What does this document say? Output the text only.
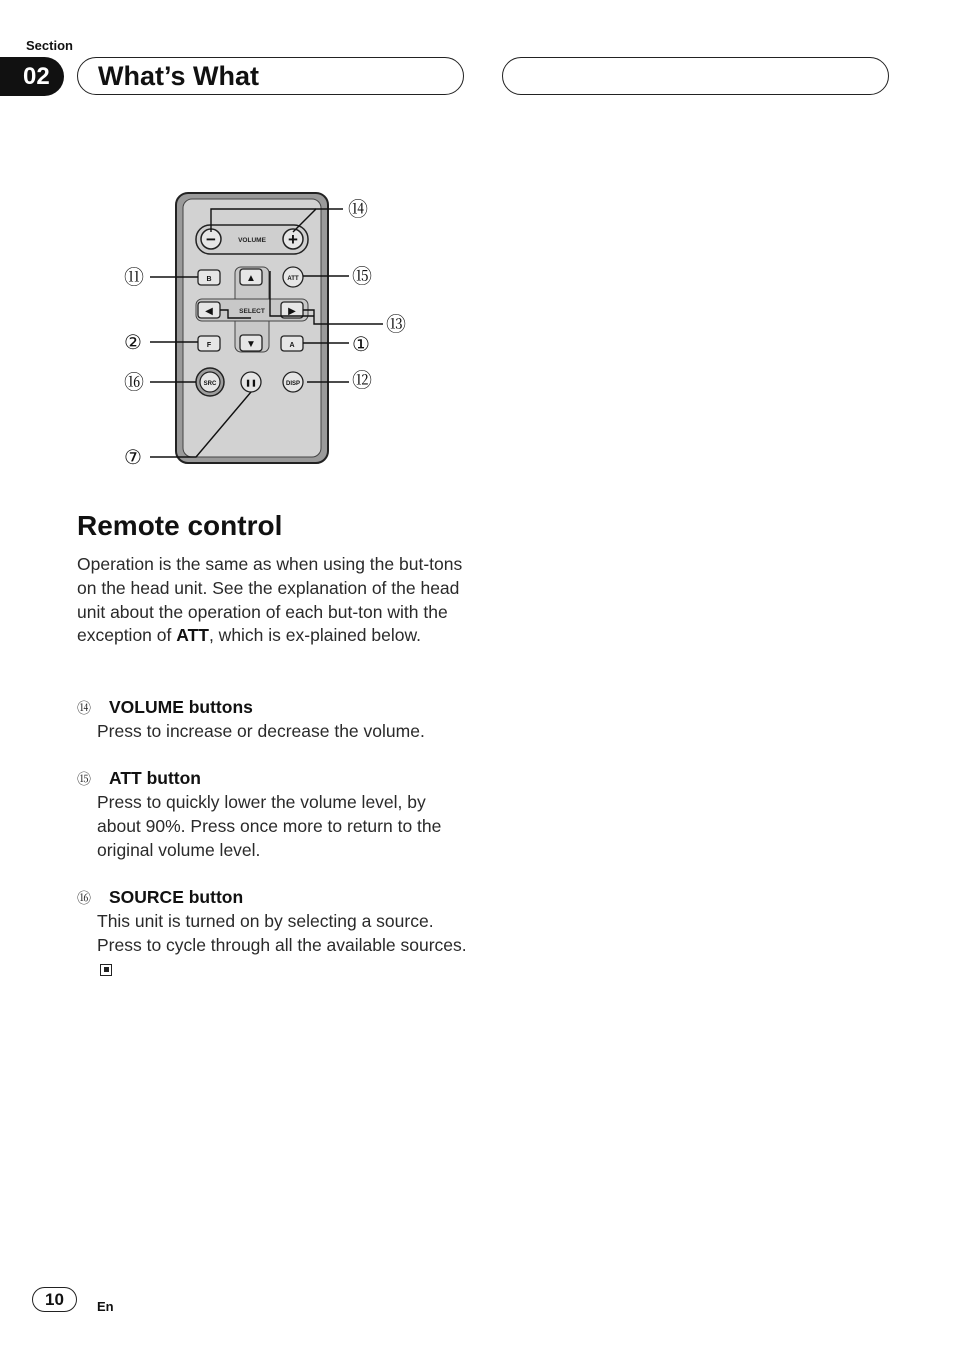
Section
02	What’s What
−	+
VOLUME
▲
▼
◀	▶
SELECT
B
F	A
ATT
SRC	❚❚	DISP
⑭
⑪	⑮
⑬
②	①
⑯	⑫
⑦
Remote control
Operation is the same as when using the but-tons on the head unit. See the explanation of the head unit about the operation of each but-ton with the exception of ATT, which is ex-plained below.
⑭ VOLUME buttons
Press to increase or decrease the volume.
⑮ ATT button
Press to quickly lower the volume level, by about 90%. Press once more to return to the original volume level.
⑯ SOURCE button
This unit is turned on by selecting a source. Press to cycle through all the available sources.
10	En
